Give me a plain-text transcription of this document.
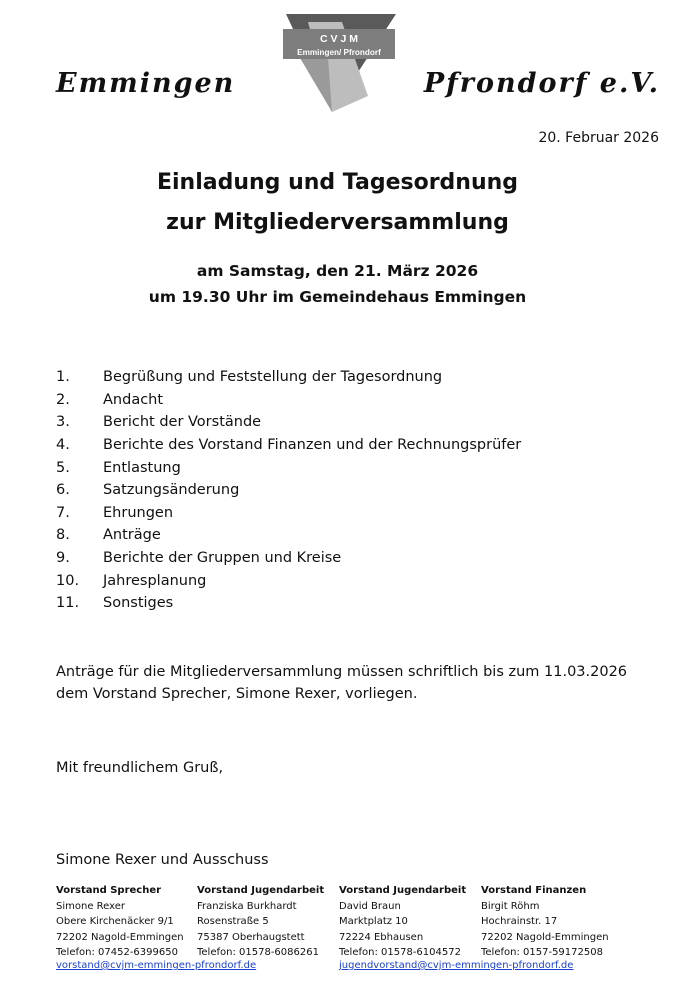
Emmingen
C V J M
Emmingen/ Pfrondorf
Pfrondorf e.V.
20. Februar 2026
Einladung und Tagesordnung
zur Mitgliederversammlung
am Samstag, den 21. März 2026
um 19.30 Uhr im Gemeindehaus Emmingen
1.	Begrüßung und Feststellung der Tagesordnung
2.	Andacht
3.	Bericht der Vorstände
4.	Berichte des Vorstand Finanzen und der Rechnungsprüfer
5.	Entlastung
6.	Satzungsänderung
7.	Ehrungen
8.	Anträge
9.	Berichte der Gruppen und Kreise
10.	Jahresplanung
11.	Sonstiges
Anträge für die Mitgliederversammlung müssen schriftlich bis zum 11.03.2026
dem Vorstand Sprecher, Simone Rexer, vorliegen.
Mit freundlichem Gruß,
Simone Rexer und Ausschuss
Vorstand Sprecher
Simone Rexer
Obere Kirchenäcker 9/1
72202 Nagold-Emmingen
Telefon: 07452-6399650
Vorstand Jugendarbeit
Franziska Burkhardt
Rosenstraße 5
75387 Oberhaugstett
Telefon: 01578-6086261
Vorstand Jugendarbeit
David Braun
Marktplatz 10
72224 Ebhausen
Telefon: 01578-6104572
Vorstand Finanzen
Birgit Röhm
Hochrainstr. 17
72202 Nagold-Emmingen
Telefon: 0157-59172508
vorstand@cvjm-emmingen-pfrondorf.de	jugendvorstand@cvjm-emmingen-pfrondorf.de
